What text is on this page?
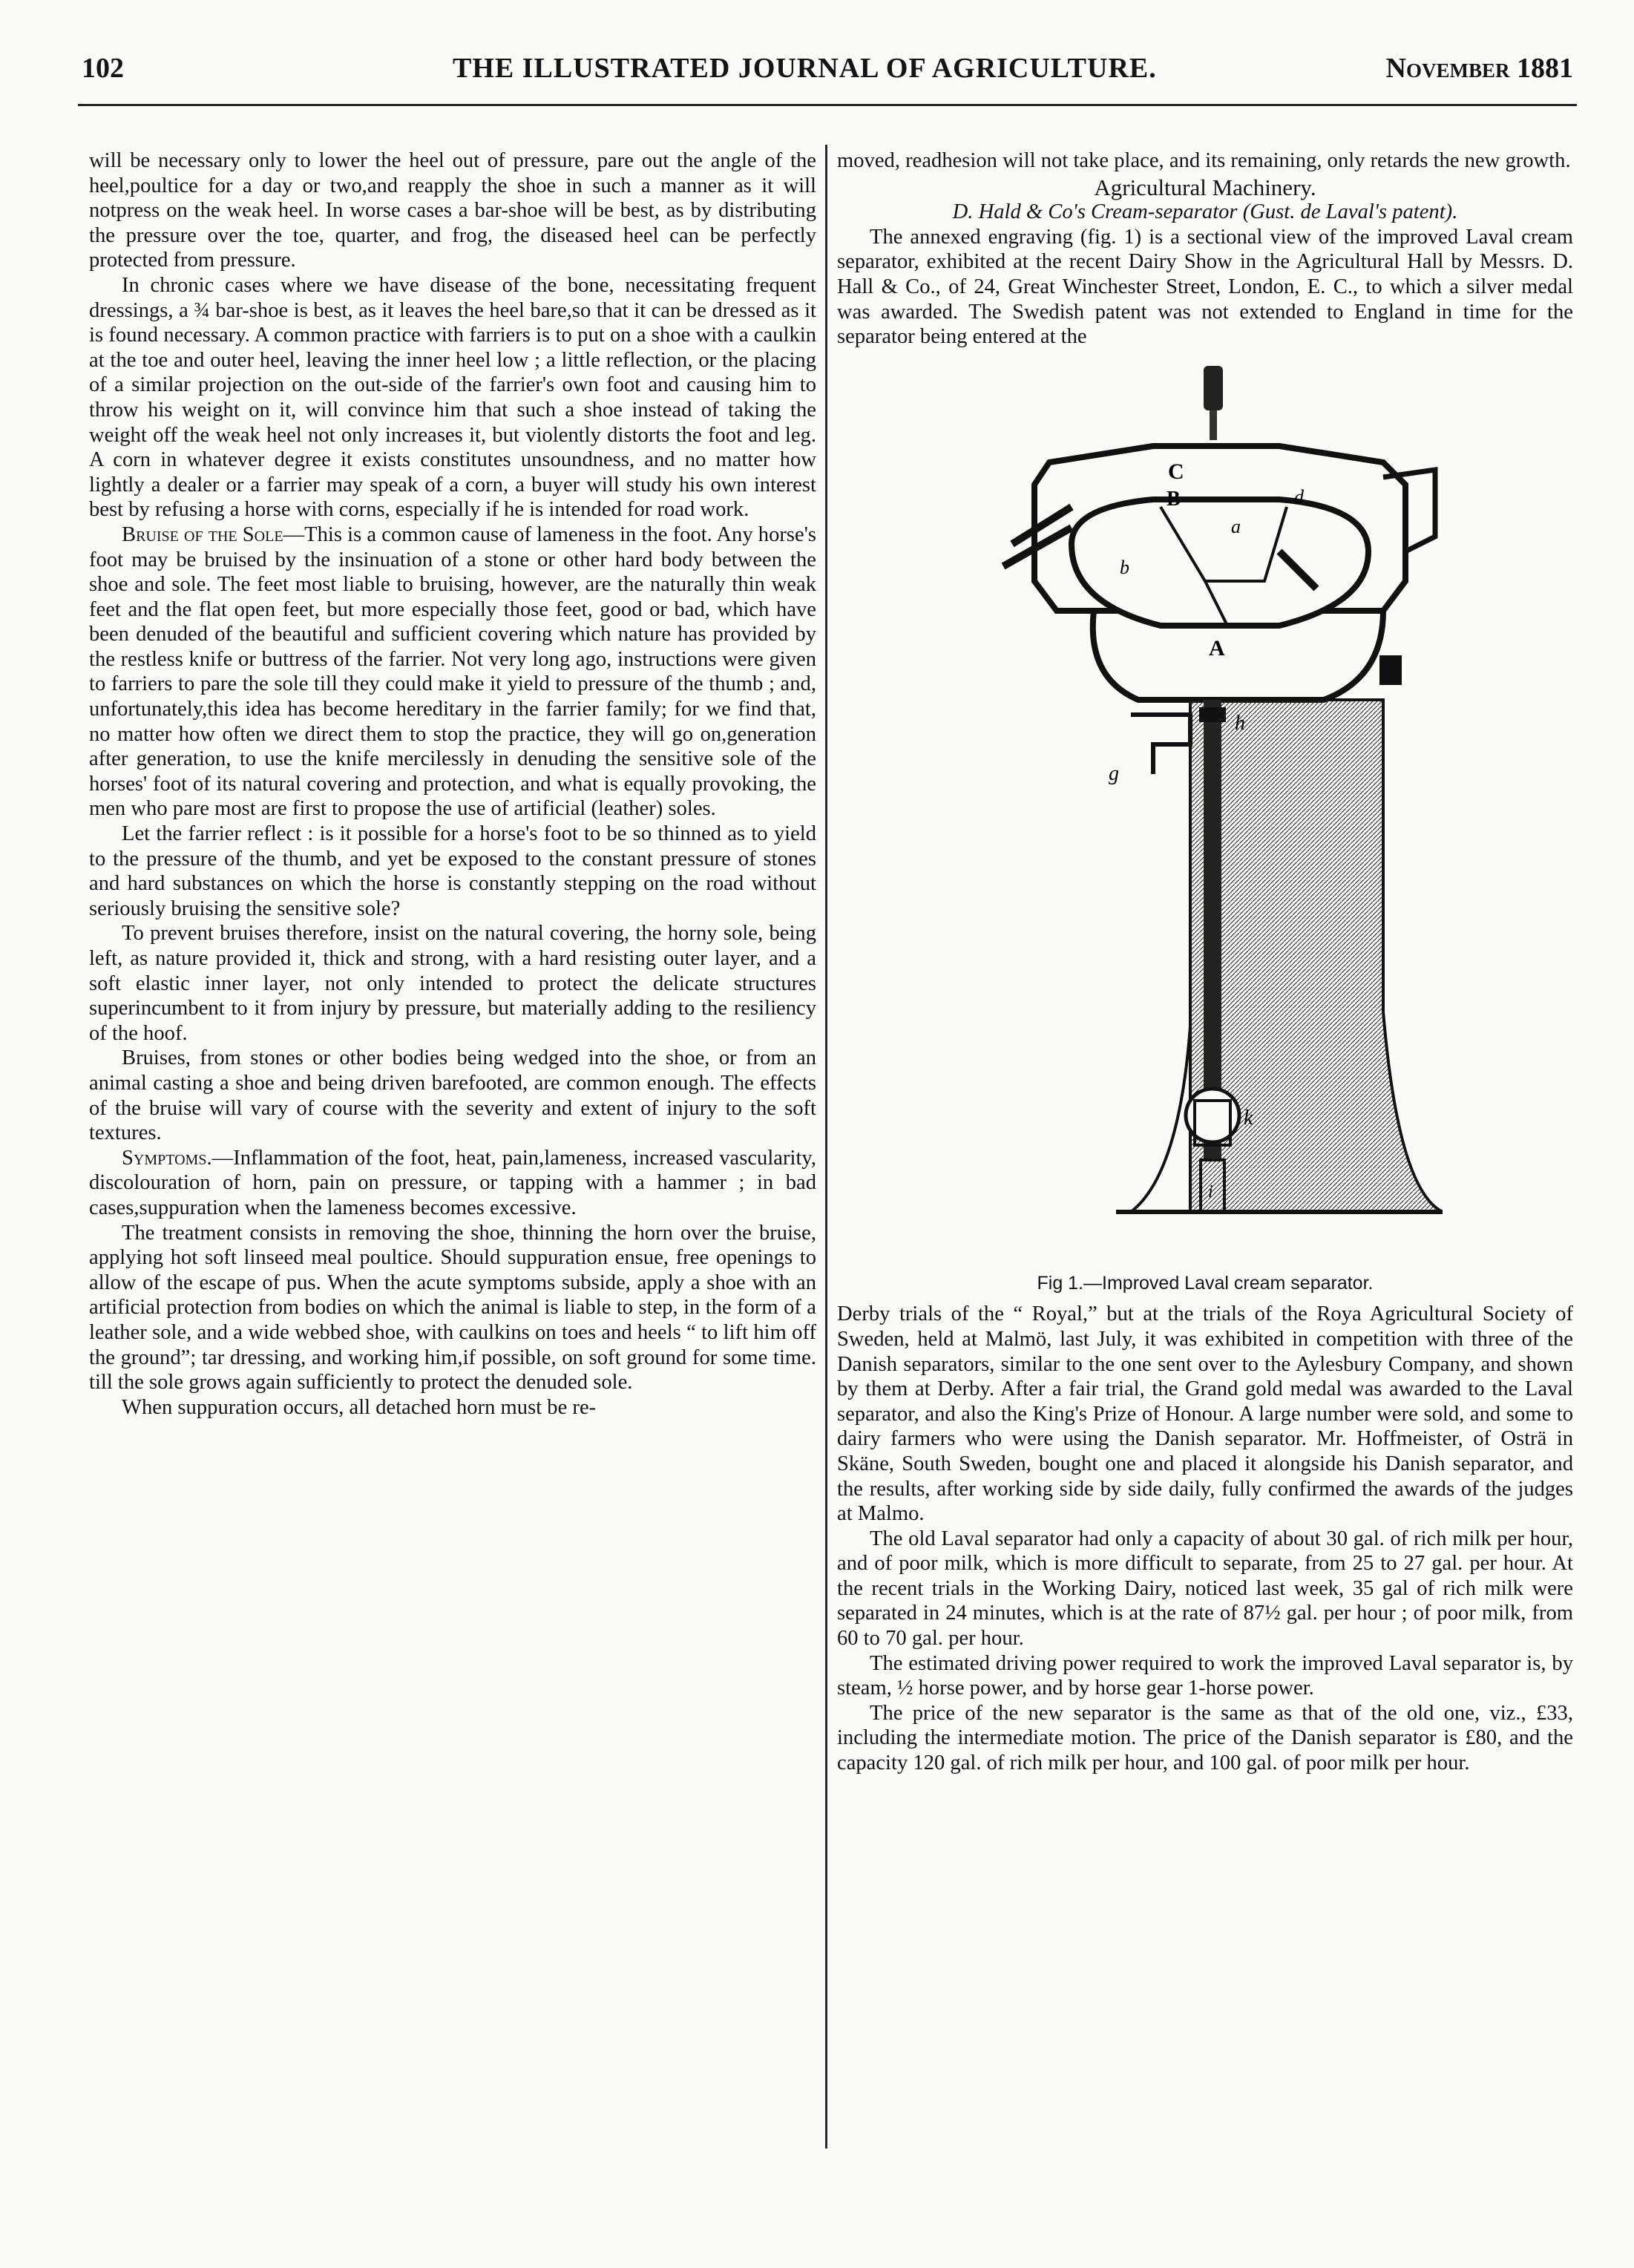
102	THE ILLUSTRATED JOURNAL OF AGRICULTURE.	November 1881

will be necessary only to lower the heel out of pressure, pare out the angle of the heel,poultice for a day or two,and reapply the shoe in such a manner as it will notpress on the weak heel. In worse cases a bar-shoe will be best, as by distributing the pressure over the toe, quarter, and frog, the diseased heel can be perfectly protected from pressure.

In chronic cases where we have disease of the bone, necessitating frequent dressings, a ¾ bar-shoe is best, as it leaves the heel bare,so that it can be dressed as it is found necessary. A common practice with farriers is to put on a shoe with a caulkin at the toe and outer heel, leaving the inner heel low ; a little reflection, or the placing of a similar projection on the out-side of the farrier's own foot and causing him to throw his weight on it, will convince him that such a shoe instead of taking the weight off the weak heel not only increases it, but violently distorts the foot and leg. A corn in whatever degree it exists constitutes unsoundness, and no matter how lightly a dealer or a farrier may speak of a corn, a buyer will study his own interest best by refusing a horse with corns, especially if he is intended for road work.

Bruise of the Sole—This is a common cause of lameness in the foot. Any horse's foot may be bruised by the insinuation of a stone or other hard body between the shoe and sole. The feet most liable to bruising, however, are the naturally thin weak feet and the flat open feet, but more especially those feet, good or bad, which have been denuded of the beautiful and sufficient covering which nature has provided by the restless knife or buttress of the farrier. Not very long ago, instructions were given to farriers to pare the sole till they could make it yield to pressure of the thumb ; and, unfortunately,this idea has become hereditary in the farrier family; for we find that, no matter how often we direct them to stop the practice, they will go on,generation after generation, to use the knife mercilessly in denuding the sensitive sole of the horses' foot of its natural covering and protection, and what is equally provoking, the men who pare most are first to propose the use of artificial (leather) soles.

Let the farrier reflect : is it possible for a horse's foot to be so thinned as to yield to the pressure of the thumb, and yet be exposed to the constant pressure of stones and hard substances on which the horse is constantly stepping on the road without seriously bruising the sensitive sole?

To prevent bruises therefore, insist on the natural covering, the horny sole, being left, as nature provided it, thick and strong, with a hard resisting outer layer, and a soft elastic inner layer, not only intended to protect the delicate structures superincumbent to it from injury by pressure, but materially adding to the resiliency of the hoof.

Bruises, from stones or other bodies being wedged into the shoe, or from an animal casting a shoe and being driven barefooted, are common enough. The effects of the bruise will vary of course with the severity and extent of injury to the soft textures.

Symptoms.—Inflammation of the foot, heat, pain,lameness, increased vascularity, discolouration of horn, pain on pressure, or tapping with a hammer ; in bad cases,suppuration when the lameness becomes excessive.

The treatment consists in removing the shoe, thinning the horn over the bruise, applying hot soft linseed meal poultice. Should suppuration ensue, free openings to allow of the escape of pus. When the acute symptoms subside, apply a shoe with an artificial protection from bodies on which the animal is liable to step, in the form of a leather sole, and a wide webbed shoe, with caulkins on toes and heels “ to lift him off the ground”; tar dressing, and working him,if possible, on soft ground for some time. till the sole grows again sufficiently to protect the denuded sole.

When suppuration occurs, all detached horn must be re-

moved, readhesion will not take place, and its remaining, only retards the new growth.

Agricultural Machinery.

D. Hald & Co's Cream-separator (Gust. de Laval's patent).

The annexed engraving (fig. 1) is a sectional view of the improved Laval cream separator, exhibited at the recent Dairy Show in the Agricultural Hall by Messrs. D. Hall & Co., of 24, Great Winchester Street, London, E. C., to which a silver medal was awarded. The Swedish patent was not extended to England in time for the separator being entered at the

C
B
a
d
b
A
h
g
k
i

Fig 1.—Improved Laval cream separator.

Derby trials of the “ Royal,” but at the trials of the Roya Agricultural Society of Sweden, held at Malmö, last July, it was exhibited in competition with three of the Danish separators, similar to the one sent over to the Aylesbury Company, and shown by them at Derby. After a fair trial, the Grand gold medal was awarded to the Laval separator, and also the King's Prize of Honour. A large number were sold, and some to dairy farmers who were using the Danish separator. Mr. Hoffmeister, of Osträ in Skäne, South Sweden, bought one and placed it alongside his Danish separator, and the results, after working side by side daily, fully confirmed the awards of the judges at Malmo.

The old Laval separator had only a capacity of about 30 gal. of rich milk per hour, and of poor milk, which is more difficult to separate, from 25 to 27 gal. per hour. At the recent trials in the Working Dairy, noticed last week, 35 gal of rich milk were separated in 24 minutes, which is at the rate of 87½ gal. per hour ; of poor milk, from 60 to 70 gal. per hour.

The estimated driving power required to work the improved Laval separator is, by steam, ½ horse power, and by horse gear 1-horse power.

The price of the new separator is the same as that of the old one, viz., £33, including the intermediate motion. The price of the Danish separator is £80, and the capacity 120 gal. of rich milk per hour, and 100 gal. of poor milk per hour.
